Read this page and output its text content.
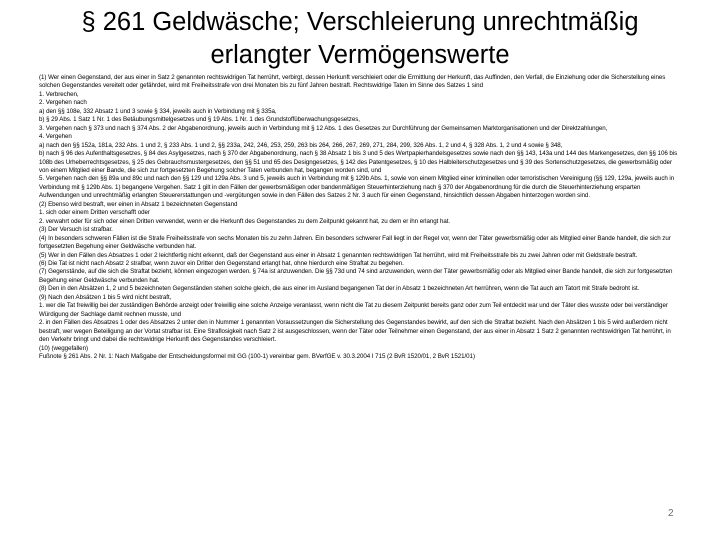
§ 261 Geldwäsche; Verschleierung unrechtmäßig
erlangter Vermögenswerte

(1) Wer einen Gegenstand, der aus einer in Satz 2 genannten rechtswidrigen Tat herrührt, verbirgt, dessen Herkunft verschleiert oder die Ermittlung der Herkunft, das Auffinden, den Verfall, die Einziehung oder die Sicherstellung eines solchen Gegenstandes vereitelt oder gefährdet, wird mit Freiheitsstrafe von drei Monaten bis zu fünf Jahren bestraft. Rechtswidrige Taten im Sinne des Satzes 1 sind

1. Verbrechen,

2. Vergehen nach

a) den §§ 108e, 332 Absatz 1 und 3 sowie § 334, jeweils auch in Verbindung mit § 335a,

b) § 29 Abs. 1 Satz 1 Nr. 1 des Betäubungsmittelgesetzes und § 19 Abs. 1 Nr. 1 des Grundstoffüberwachungsgesetzes,

3. Vergehen nach § 373 und nach § 374 Abs. 2 der Abgabenordnung, jeweils auch in Verbindung mit § 12 Abs. 1 des Gesetzes zur Durchführung der Gemeinsamen Marktorganisationen und der Direktzahlungen,

4. Vergehen

a) nach den §§ 152a, 181a, 232 Abs. 1 und 2, § 233 Abs. 1 und 2, §§ 233a, 242, 246, 253, 259, 263 bis 264, 266, 267, 269, 271, 284, 299, 326 Abs. 1, 2 und 4, § 328 Abs. 1, 2 und 4 sowie § 348,

b) nach § 96 des Aufenthaltsgesetzes, § 84 des Asylgesetzes, nach § 370 der Abgabenordnung, nach § 38 Absatz 1 bis 3 und 5 des Wertpapierhandelsgesetzes sowie nach den §§ 143, 143a und 144 des Markengesetzes, den §§ 106 bis 108b des Urheberrechtsgesetzes, § 25 des Gebrauchsmustergesetzes, den §§ 51 und 65 des Designgesetzes, § 142 des Patentgesetzes, § 10 des Halbleiterschutzgesetzes und § 39 des Sortenschutzgesetzes, die gewerbsmäßig oder von einem Mitglied einer Bande, die sich zur fortgesetzten Begehung solcher Taten verbunden hat, begangen worden sind, und

5. Vergehen nach den §§ 89a und 89c und nach den §§ 129 und 129a Abs. 3 und 5, jeweils auch in Verbindung mit § 129b Abs. 1, sowie von einem Mitglied einer kriminellen oder terroristischen Vereinigung (§§ 129, 129a, jeweils auch in Verbindung mit § 129b Abs. 1) begangene Vergehen. Satz 1 gilt in den Fällen der gewerbsmäßigen oder bandenmäßigen Steuerhinterziehung nach § 370 der Abgabenordnung für die durch die Steuerhinterziehung ersparten Aufwendungen und unrechtmäßig erlangten Steuererstattungen und -vergütungen sowie in den Fällen des Satzes 2 Nr. 3 auch für einen Gegenstand, hinsichtlich dessen Abgaben hinterzogen worden sind.

(2) Ebenso wird bestraft, wer einen in Absatz 1 bezeichneten Gegenstand

1. sich oder einem Dritten verschafft oder

2. verwahrt oder für sich oder einen Dritten verwendet, wenn er die Herkunft des Gegenstandes zu dem Zeitpunkt gekannt hat, zu dem er ihn erlangt hat.

(3) Der Versuch ist strafbar.

(4) In besonders schweren Fällen ist die Strafe Freiheitsstrafe von sechs Monaten bis zu zehn Jahren. Ein besonders schwerer Fall liegt in der Regel vor, wenn der Täter gewerbsmäßig oder als Mitglied einer Bande handelt, die sich zur fortgesetzten Begehung einer Geldwäsche verbunden hat.

(5) Wer in den Fällen des Absatzes 1 oder 2 leichtfertig nicht erkennt, daß der Gegenstand aus einer in Absatz 1 genannten rechtswidrigen Tat herrührt, wird mit Freiheitsstrafe bis zu zwei Jahren oder mit Geldstrafe bestraft.

(6) Die Tat ist nicht nach Absatz 2 strafbar, wenn zuvor ein Dritter den Gegenstand erlangt hat, ohne hierdurch eine Straftat zu begehen.

(7) Gegenstände, auf die sich die Straftat bezieht, können eingezogen werden. § 74a ist anzuwenden. Die §§ 73d und 74 sind anzuwenden, wenn der Täter gewerbsmäßig oder als Mitglied einer Bande handelt, die sich zur fortgesetzten Begehung einer Geldwäsche verbunden hat.

(8) Den in den Absätzen 1, 2 und 5 bezeichneten Gegenständen stehen solche gleich, die aus einer im Ausland begangenen Tat der in Absatz 1 bezeichneten Art herrühren, wenn die Tat auch am Tatort mit Strafe bedroht ist.

(9) Nach den Absätzen 1 bis 5 wird nicht bestraft,

1. wer die Tat freiwillig bei der zuständigen Behörde anzeigt oder freiwillig eine solche Anzeige veranlasst, wenn nicht die Tat zu diesem Zeitpunkt bereits ganz oder zum Teil entdeckt war und der Täter dies wusste oder bei verständiger Würdigung der Sachlage damit rechnen musste, und

2. in den Fällen des Absatzes 1 oder des Absatzes 2 unter den in Nummer 1 genannten Voraussetzungen die Sicherstellung des Gegenstandes bewirkt, auf den sich die Straftat bezieht. Nach den Absätzen 1 bis 5 wird außerdem nicht bestraft, wer wegen Beteiligung an der Vortat strafbar ist. Eine Straflosigkeit nach Satz 2 ist ausgeschlossen, wenn der Täter oder Teilnehmer einen Gegenstand, der aus einer in Absatz 1 Satz 2 genannten rechtswidrigen Tat herrührt, in den Verkehr bringt und dabei die rechtswidrige Herkunft des Gegenstandes verschleiert.

(10) (weggefallen)

Fußnote § 261 Abs. 2 Nr. 1: Nach Maßgabe der Entscheidungsformel mit GG (100-1) vereinbar gem. BVerfGE v. 30.3.2004 I 715 (2 BvR 1520/01, 2 BvR 1521/01)

2
